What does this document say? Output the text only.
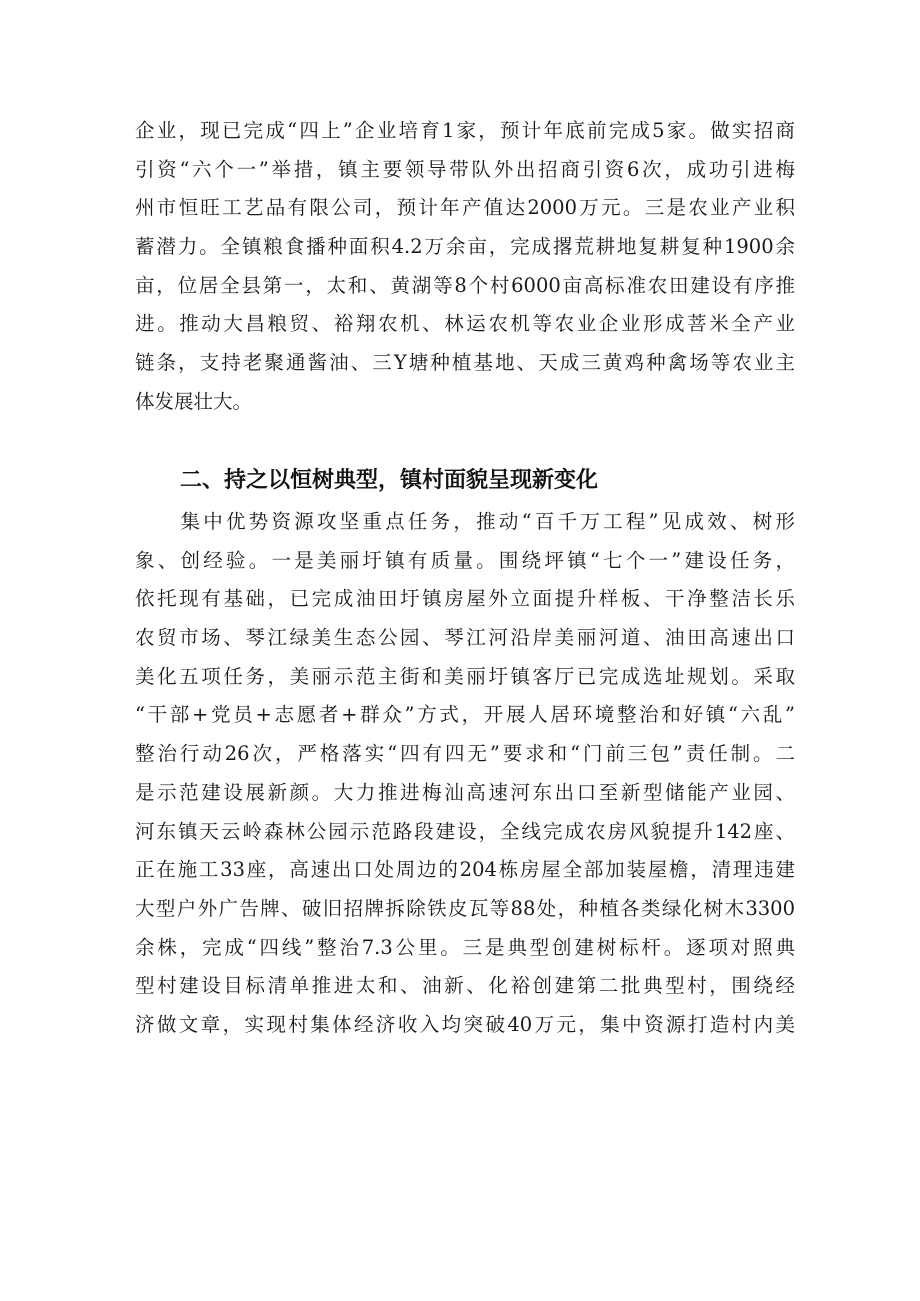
企业，现已完成“四上”企业培育1家，预计年底前完成5家。做实招商
引资“六个一”举措，镇主要领导带队外出招商引资6次，成功引进梅
州市恒旺工艺品有限公司，预计年产值达2000万元。三是农业产业积
蓄潜力。全镇粮食播种面积4.2万余亩，完成撂荒耕地复耕复种1900余
亩，位居全县第一，太和、黄湖等8个村6000亩高标准农田建设有序推
进。推动大昌粮贸、裕翔农机、林运农机等农业企业形成菩米全产业
链条，支持老聚通酱油、三Y塘种植基地、天成三黄鸡种禽场等农业主
体发展壮大。
二、持之以恒树典型，镇村面貌呈现新变化
　　集中优势资源攻坚重点任务，推动“百千万工程”见成效、树形
象、创经验。一是美丽圩镇有质量。围绕坪镇“七个一”建设任务，
依托现有基础，已完成油田圩镇房屋外立面提升样板、干净整洁长乐
农贸市场、琴江绿美生态公园、琴江河沿岸美丽河道、油田高速出口
美化五项任务，美丽示范主街和美丽圩镇客厅已完成选址规划。采取
“干部+党员+志愿者+群众”方式，开展人居环境整治和好镇“六乱”
整治行动26次，严格落实“四有四无”要求和“门前三包”责任制。二
是示范建设展新颜。大力推进梅汕高速河东出口至新型储能产业园、
河东镇天云岭森林公园示范路段建设，全线完成农房风貌提升142座、
正在施工33座，高速出口处周边的204栋房屋全部加装屋檐，清理违建
大型户外广告牌、破旧招牌拆除铁皮瓦等88处，种植各类绿化树木3300
余株，完成“四线”整治7.3公里。三是典型创建树标杆。逐项对照典
型村建设目标清单推进太和、油新、化裕创建第二批典型村，围绕经
济做文章，实现村集体经济收入均突破40万元，集中资源打造村内美
